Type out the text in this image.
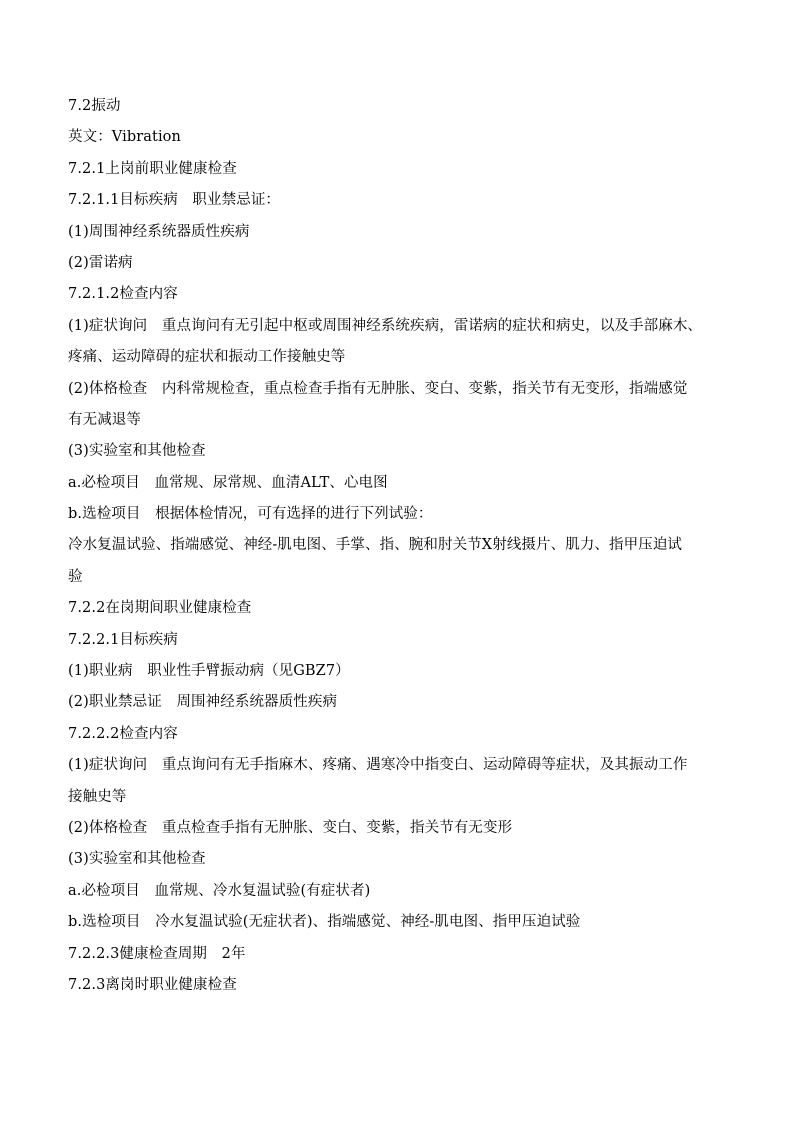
7.2振动
英文：Vibration
7.2.1上岗前职业健康检查
7.2.1.1目标疾病　职业禁忌证：
(1)周围神经系统器质性疾病
(2)雷诺病
7.2.1.2检查内容
(1)症状询问　重点询问有无引起中枢或周围神经系统疾病，雷诺病的症状和病史，以及手部麻木、
疼痛、运动障碍的症状和振动工作接触史等
(2)体格检查　内科常规检查，重点检查手指有无肿胀、变白、变紫，指关节有无变形，指端感觉
有无减退等
(3)实验室和其他检查
a.必检项目　血常规、尿常规、血清ALT、心电图
b.选检项目　根据体检情况，可有选择的进行下列试验：
冷水复温试验、指端感觉、神经-肌电图、手掌、指、腕和肘关节X射线摄片、肌力、指甲压迫试
验
7.2.2在岗期间职业健康检查
7.2.2.1目标疾病
(1)职业病　职业性手臂振动病（见GBZ7）
(2)职业禁忌证　周围神经系统器质性疾病
7.2.2.2检查内容
(1)症状询问　重点询问有无手指麻木、疼痛、遇寒冷中指变白、运动障碍等症状，及其振动工作
接触史等
(2)体格检查　重点检查手指有无肿胀、变白、变紫，指关节有无变形
(3)实验室和其他检查
a.必检项目　血常规、冷水复温试验(有症状者)
b.选检项目　冷水复温试验(无症状者)、指端感觉、神经-肌电图、指甲压迫试验
7.2.2.3健康检查周期　2年
7.2.3离岗时职业健康检查
